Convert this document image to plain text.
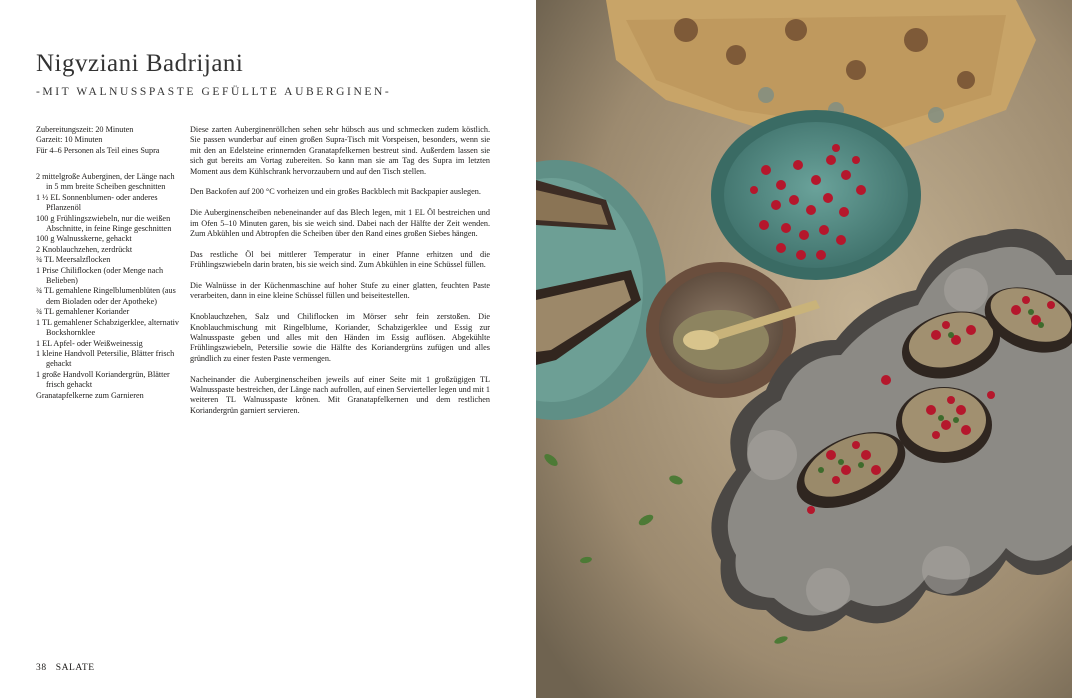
Nigvziani Badrijani
-MIT WALNUSSPASTE GEFÜLLTE AUBERGINEN-
Zubereitungszeit: 20 Minuten
Garzeit: 10 Minuten
Für 4–6 Personen als Teil eines Supra
2 mittelgroße Auberginen, der Länge nach in 5 mm breite Scheiben geschnitten
1 ½ EL Sonnenblumen- oder anderes Pflanzenöl
100 g Frühlingszwiebeln, nur die weißen Abschnitte, in feine Ringe geschnitten
100 g Walnusskerne, gehackt
2 Knoblauchzehen, zerdrückt
¾ TL Meersalzflocken
1 Prise Chiliflocken (oder Menge nach Belieben)
¾ TL gemahlene Ringelblumenblüten (aus dem Bioladen oder der Apotheke)
¾ TL gemahlener Koriander
1 TL gemahlener Schabzigerklee, alternativ Bockshornklee
1 EL Apfel- oder Weißweinessig
1 kleine Handvoll Petersilie, Blätter frisch gehackt
1 große Handvoll Koriandergrün, Blätter frisch gehackt
Granatapfelkerne zum Garnieren

Diese zarten Auberginenröllchen sehen sehr hübsch aus und schmecken zudem köstlich. Sie passen wunderbar auf einen großen Supra-Tisch mit Vorspeisen, besonders, wenn sie mit den an Edelsteine erinnernden Granatapfelkernen bestreut sind. Außerdem lassen sie sich gut bereits am Vortag zubereiten. So kann man sie am Tag des Supra im letzten Moment aus dem Kühlschrank hervorzaubern und auf den Tisch stellen.

Den Backofen auf 200 °C vorheizen und ein großes Backblech mit Backpapier auslegen.

Die Auberginenscheiben nebeneinander auf das Blech legen, mit 1 EL Öl bestreichen und im Ofen 5–10 Minuten garen, bis sie weich sind. Dabei nach der Hälfte der Zeit wenden. Zum Abkühlen und Abtropfen die Scheiben über den Rand eines großen Siebes hängen.

Das restliche Öl bei mittlerer Temperatur in einer Pfanne erhitzen und die Frühlingszwiebeln darin braten, bis sie weich sind. Zum Abkühlen in eine Schüssel füllen.

Die Walnüsse in der Küchenmaschine auf hoher Stufe zu einer glatten, feuchten Paste verarbeiten, dann in eine kleine Schüssel füllen und beiseitestellen.

Knoblauchzehen, Salz und Chiliflocken im Mörser sehr fein zerstoßen. Die Knoblauchmischung mit Ringelblume, Koriander, Schabzigerklee und Essig zur Walnusspaste geben und alles mit den Händen im Essig auflösen. Abgekühlte Frühlingszwiebeln, Petersilie sowie die Hälfte des Koriandergrüns zufügen und alles gründlich zu einer festen Paste vermengen.

Nacheinander die Auberginenscheiben jeweils auf einer Seite mit 1 großzügigen TL Walnusspaste bestreichen, der Länge nach aufrollen, auf einen Servierteller legen und mit 1 weiteren TL Walnusspaste krönen. Mit Granatapfelkernen und dem restlichen Koriandergrün garniert servieren.

38 SALATE
